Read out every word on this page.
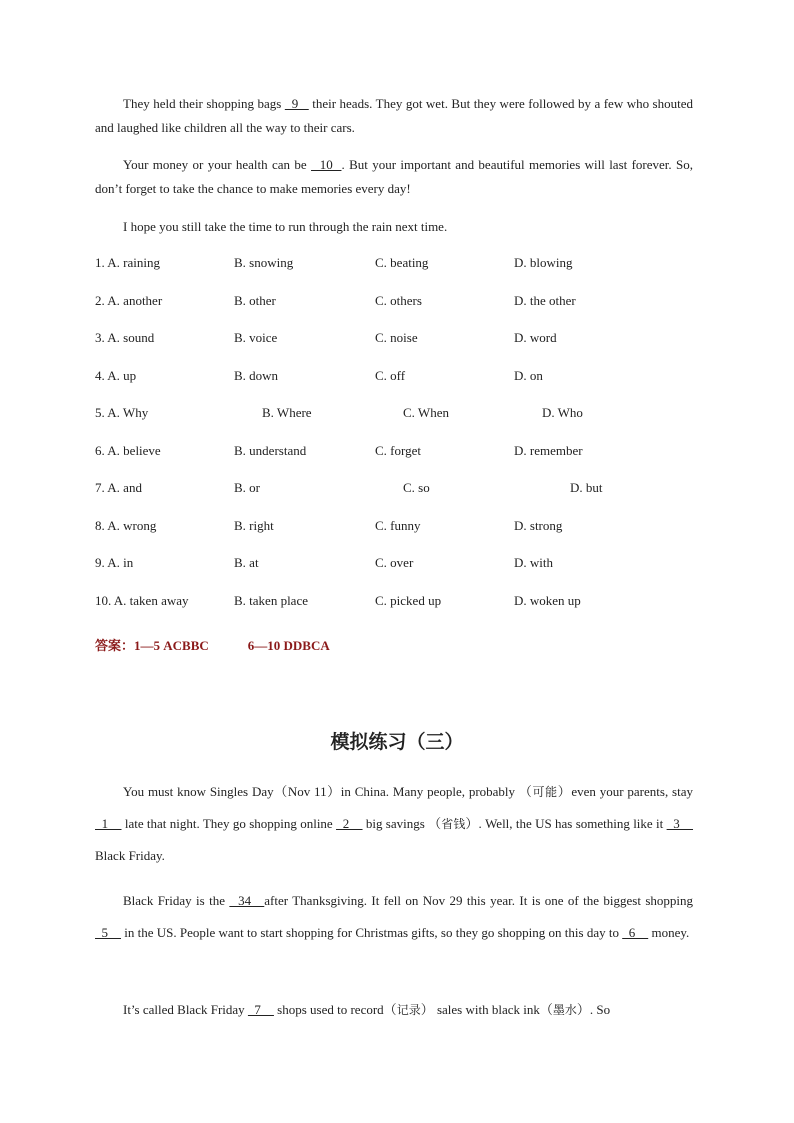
They held their shopping bags   9    their heads. They got wet. But they were followed by a few who shouted and laughed like children all the way to their cars.

Your money or your health can be   10  . But your important and beautiful memories will last forever. So, don’t forget to take the chance to make memories every day!

I hope you still take the time to run through the rain next time.

1. A. raining	B. snowing	C. beating	D. blowing
2. A. another	B. other	C. others	D. the other
3. A. sound	B. voice	C. noise	D. word
4. A. up	B. down	C. off	D. on
5. A. Why	B. Where	C. When	D. Who
6. A. believe	B. understand	C. forget	D. remember
7. A. and	B. or	C. so	D. but
8. A. wrong	B. right	C. funny	D. strong
9. A. in	B. at	C. over	D. with
10. A. taken away	B. taken place	C. picked up	D. woken up
答案：1—5 ACBBC	6—10 DDBCA
模拟练习（三）

You must know Singles Day（Nov 11）in China. Many people, probably （可能）even your parents, stay   1     late that night. They go shopping online   2     big savings （省钱）. Well, the US has something like it   3     Black Friday.

Black Friday is the   34   after Thanksgiving. It fell on Nov 29 this year. It is one of the biggest shopping   5     in the US. People want to start shopping for Christmas gifts, so they go shopping on this day to   6     money.

It’s called Black Friday   7     shops used to record（记录） sales with black ink（墨水）. So
